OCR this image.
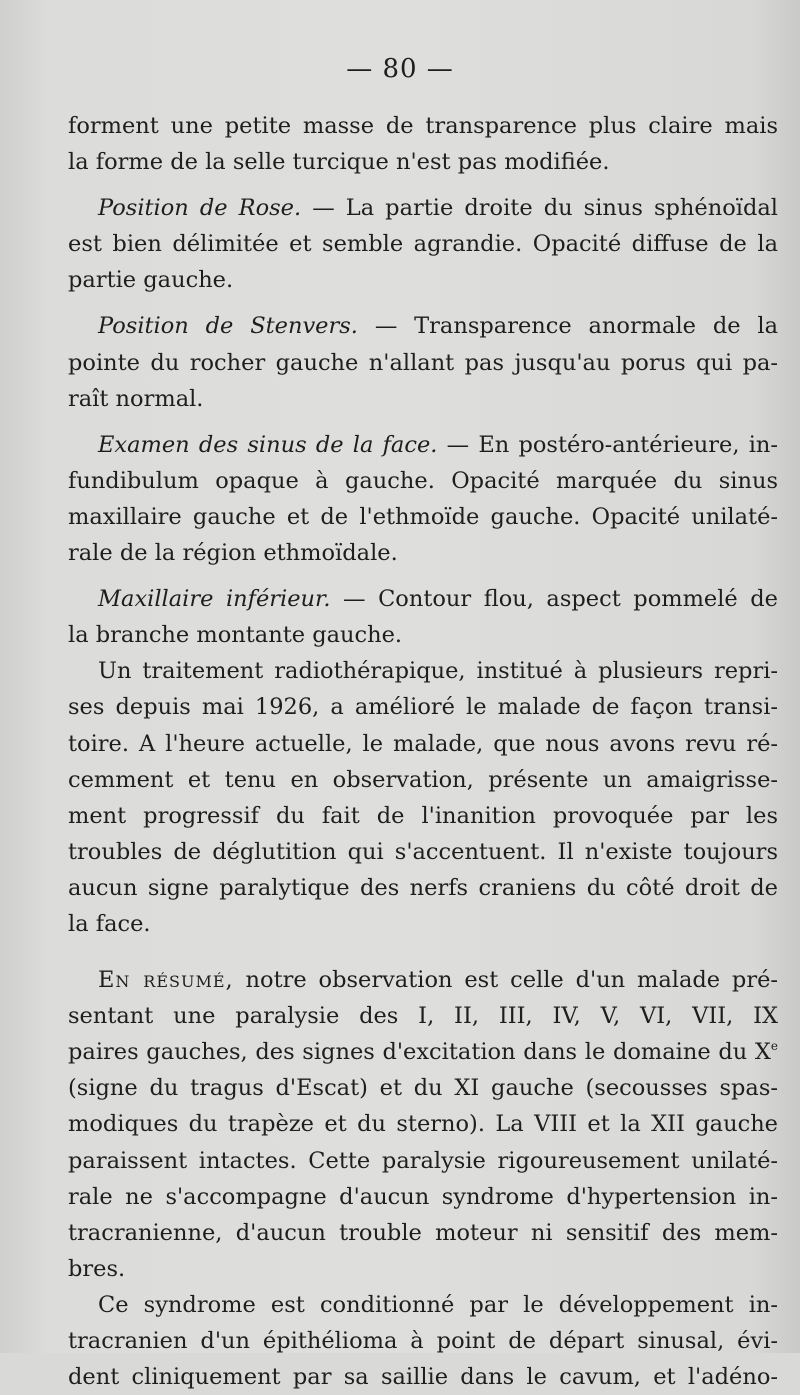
— 80 —
forment une petite masse de transparence plus claire mais
la forme de la selle turcique n'est pas modifiée.
Position de Rose. — La partie droite du sinus sphénoïdal
est bien délimitée et semble agrandie. Opacité diffuse de la
partie gauche.
Position de Stenvers. — Transparence anormale de la
pointe du rocher gauche n'allant pas jusqu'au porus qui pa-
raît normal.
Examen des sinus de la face. — En postéro-antérieure, in-
fundibulum opaque à gauche. Opacité marquée du sinus
maxillaire gauche et de l'ethmoïde gauche. Opacité unilaté-
rale de la région ethmoïdale.
Maxillaire inférieur. — Contour flou, aspect pommelé de
la branche montante gauche.
Un traitement radiothérapique, institué à plusieurs repri-
ses depuis mai 1926, a amélioré le malade de façon transi-
toire. A l'heure actuelle, le malade, que nous avons revu ré-
cemment et tenu en observation, présente un amaigrisse-
ment progressif du fait de l'inanition provoquée par les
troubles de déglutition qui s'accentuent. Il n'existe toujours
aucun signe paralytique des nerfs craniens du côté droit de
la face.
En résumé, notre observation est celle d'un malade pré-
sentant une paralysie des I, II, III, IV, V, VI, VII, IX
paires gauches, des signes d'excitation dans le domaine du Xe
(signe du tragus d'Escat) et du XI gauche (secousses spas-
modiques du trapèze et du sterno). La VIII et la XII gauche
paraissent intactes. Cette paralysie rigoureusement unilaté-
rale ne s'accompagne d'aucun syndrome d'hypertension in-
tracranienne, d'aucun trouble moteur ni sensitif des mem-
bres.
Ce syndrome est conditionné par le développement in-
tracranien d'un épithélioma à point de départ sinusal, évi-
dent cliniquement par sa saillie dans le cavum, et l'adéno-
